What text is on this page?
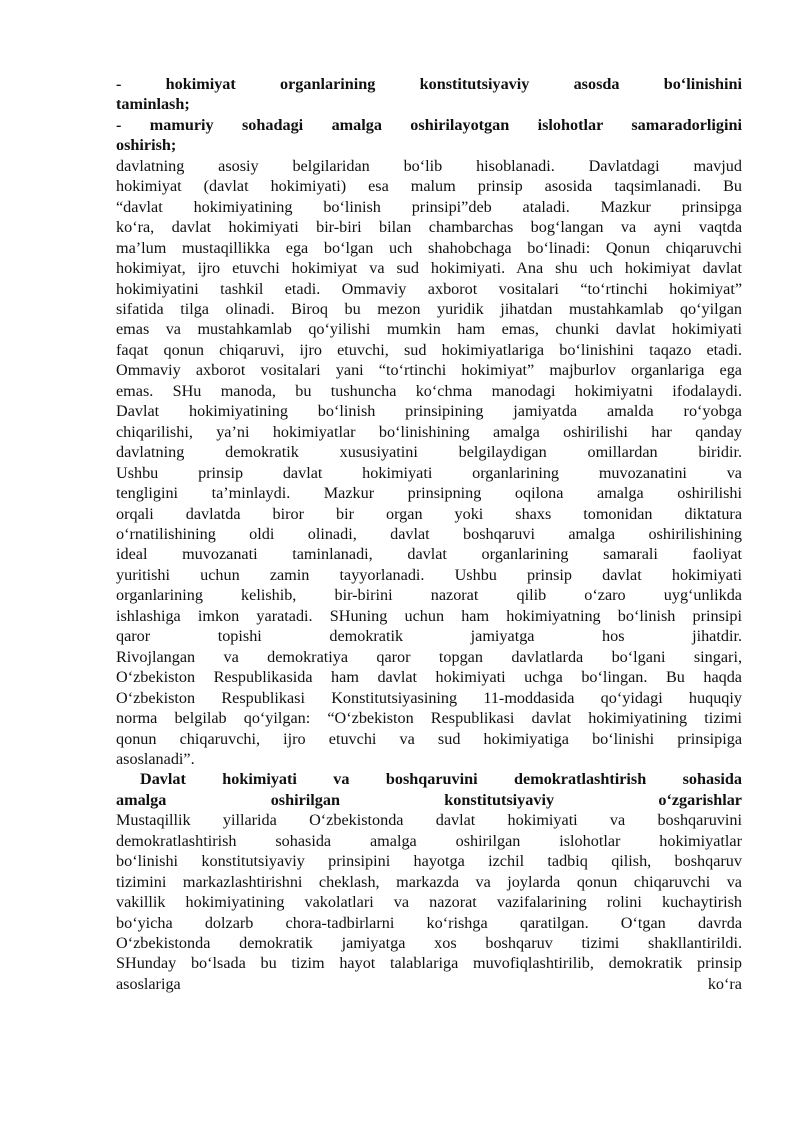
- hokimiyat organlarining konstitutsiyaviy asosda bo‘linishini
taminlash;
- mamuriy sohadagi amalga oshirilayotgan islohotlar samaradorligini
oshirish;
davlatning asosiy belgilaridan bo‘lib hisoblanadi. Davlatdagi mavjud
hokimiyat (davlat hokimiyati) esa malum prinsip asosida taqsimlanadi. Bu
“davlat hokimiyatining bo‘linish prinsipi”deb ataladi. Mazkur prinsipga
ko‘ra, davlat hokimiyati bir-biri bilan chambarchas bog‘langan va ayni vaqtda
ma’lum mustaqillikka ega bo‘lgan uch shahobchaga bo‘linadi: Qonun chiqaruvchi
hokimiyat, ijro etuvchi hokimiyat va sud hokimiyati. Ana shu uch hokimiyat davlat
hokimiyatini tashkil etadi. Ommaviy axborot vositalari “to‘rtinchi hokimiyat”
sifatida tilga olinadi. Biroq bu mezon yuridik jihatdan mustahkamlab qo‘yilgan
emas va mustahkamlab qo‘yilishi mumkin ham emas, chunki davlat hokimiyati
faqat qonun chiqaruvi, ijro etuvchi, sud hokimiyatlariga bo‘linishini taqazo etadi.
Ommaviy axborot vositalari yani “to‘rtinchi hokimiyat” majburlov organlariga ega
emas. SHu manoda, bu tushuncha ko‘chma manodagi hokimiyatni ifodalaydi.
Davlat hokimiyatining bo‘linish prinsipining jamiyatda amalda ro‘yobga
chiqarilishi, ya’ni hokimiyatlar bo‘linishining amalga oshirilishi har qanday
davlatning demokratik xususiyatini belgilaydigan omillardan biridir.
Ushbu prinsip davlat hokimiyati organlarining muvozanatini va
tengligini ta’minlaydi. Mazkur prinsipning oqilona amalga oshirilishi
orqali davlatda biror bir organ yoki shaxs tomonidan diktatura
o‘rnatilishining oldi olinadi, davlat boshqaruvi amalga oshirilishining
ideal muvozanati taminlanadi, davlat organlarining samarali faoliyat
yuritishi uchun zamin tayyorlanadi. Ushbu prinsip davlat hokimiyati
organlarining kelishib, bir-birini nazorat qilib o‘zaro uyg‘unlikda
ishlashiga imkon yaratadi. SHuning uchun ham hokimiyatning bo‘linish prinsipi
qaror topishi demokratik jamiyatga hos jihatdir.
Rivojlangan va demokratiya qaror topgan davlatlarda bo‘lgani singari,
O‘zbekiston Respublikasida ham davlat hokimiyati uchga bo‘lingan. Bu haqda
O‘zbekiston Respublikasi Konstitutsiyasining 11-moddasida qo‘yidagi huquqiy
norma belgilab qo‘yilgan: “O‘zbekiston Respublikasi davlat hokimiyatining tizimi
qonun chiqaruvchi, ijro etuvchi va sud hokimiyatiga bo‘linishi prinsipiga
asoslanadi”.
Davlat hokimiyati va boshqaruvini demokratlashtirish sohasida
amalga oshirilgan konstitutsiyaviy o‘zgarishlar
Mustaqillik yillarida O‘zbekistonda davlat hokimiyati va boshqaruvini
demokratlashtirish sohasida amalga oshirilgan islohotlar hokimiyatlar
bo‘linishi konstitutsiyaviy prinsipini hayotga izchil tadbiq qilish, boshqaruv
tizimini markazlashtirishni cheklash, markazda va joylarda qonun chiqaruvchi va
vakillik hokimiyatining vakolatlari va nazorat vazifalarining rolini kuchaytirish
bo‘yicha dolzarb chora-tadbirlarni ko‘rishga qaratilgan. O‘tgan davrda
O‘zbekistonda demokratik jamiyatga xos boshqaruv tizimi shakllantirildi.
SHunday bo‘lsada bu tizim hayot talablariga muvofiqlashtirilib, demokratik prinsip
asoslariga ko‘ra
